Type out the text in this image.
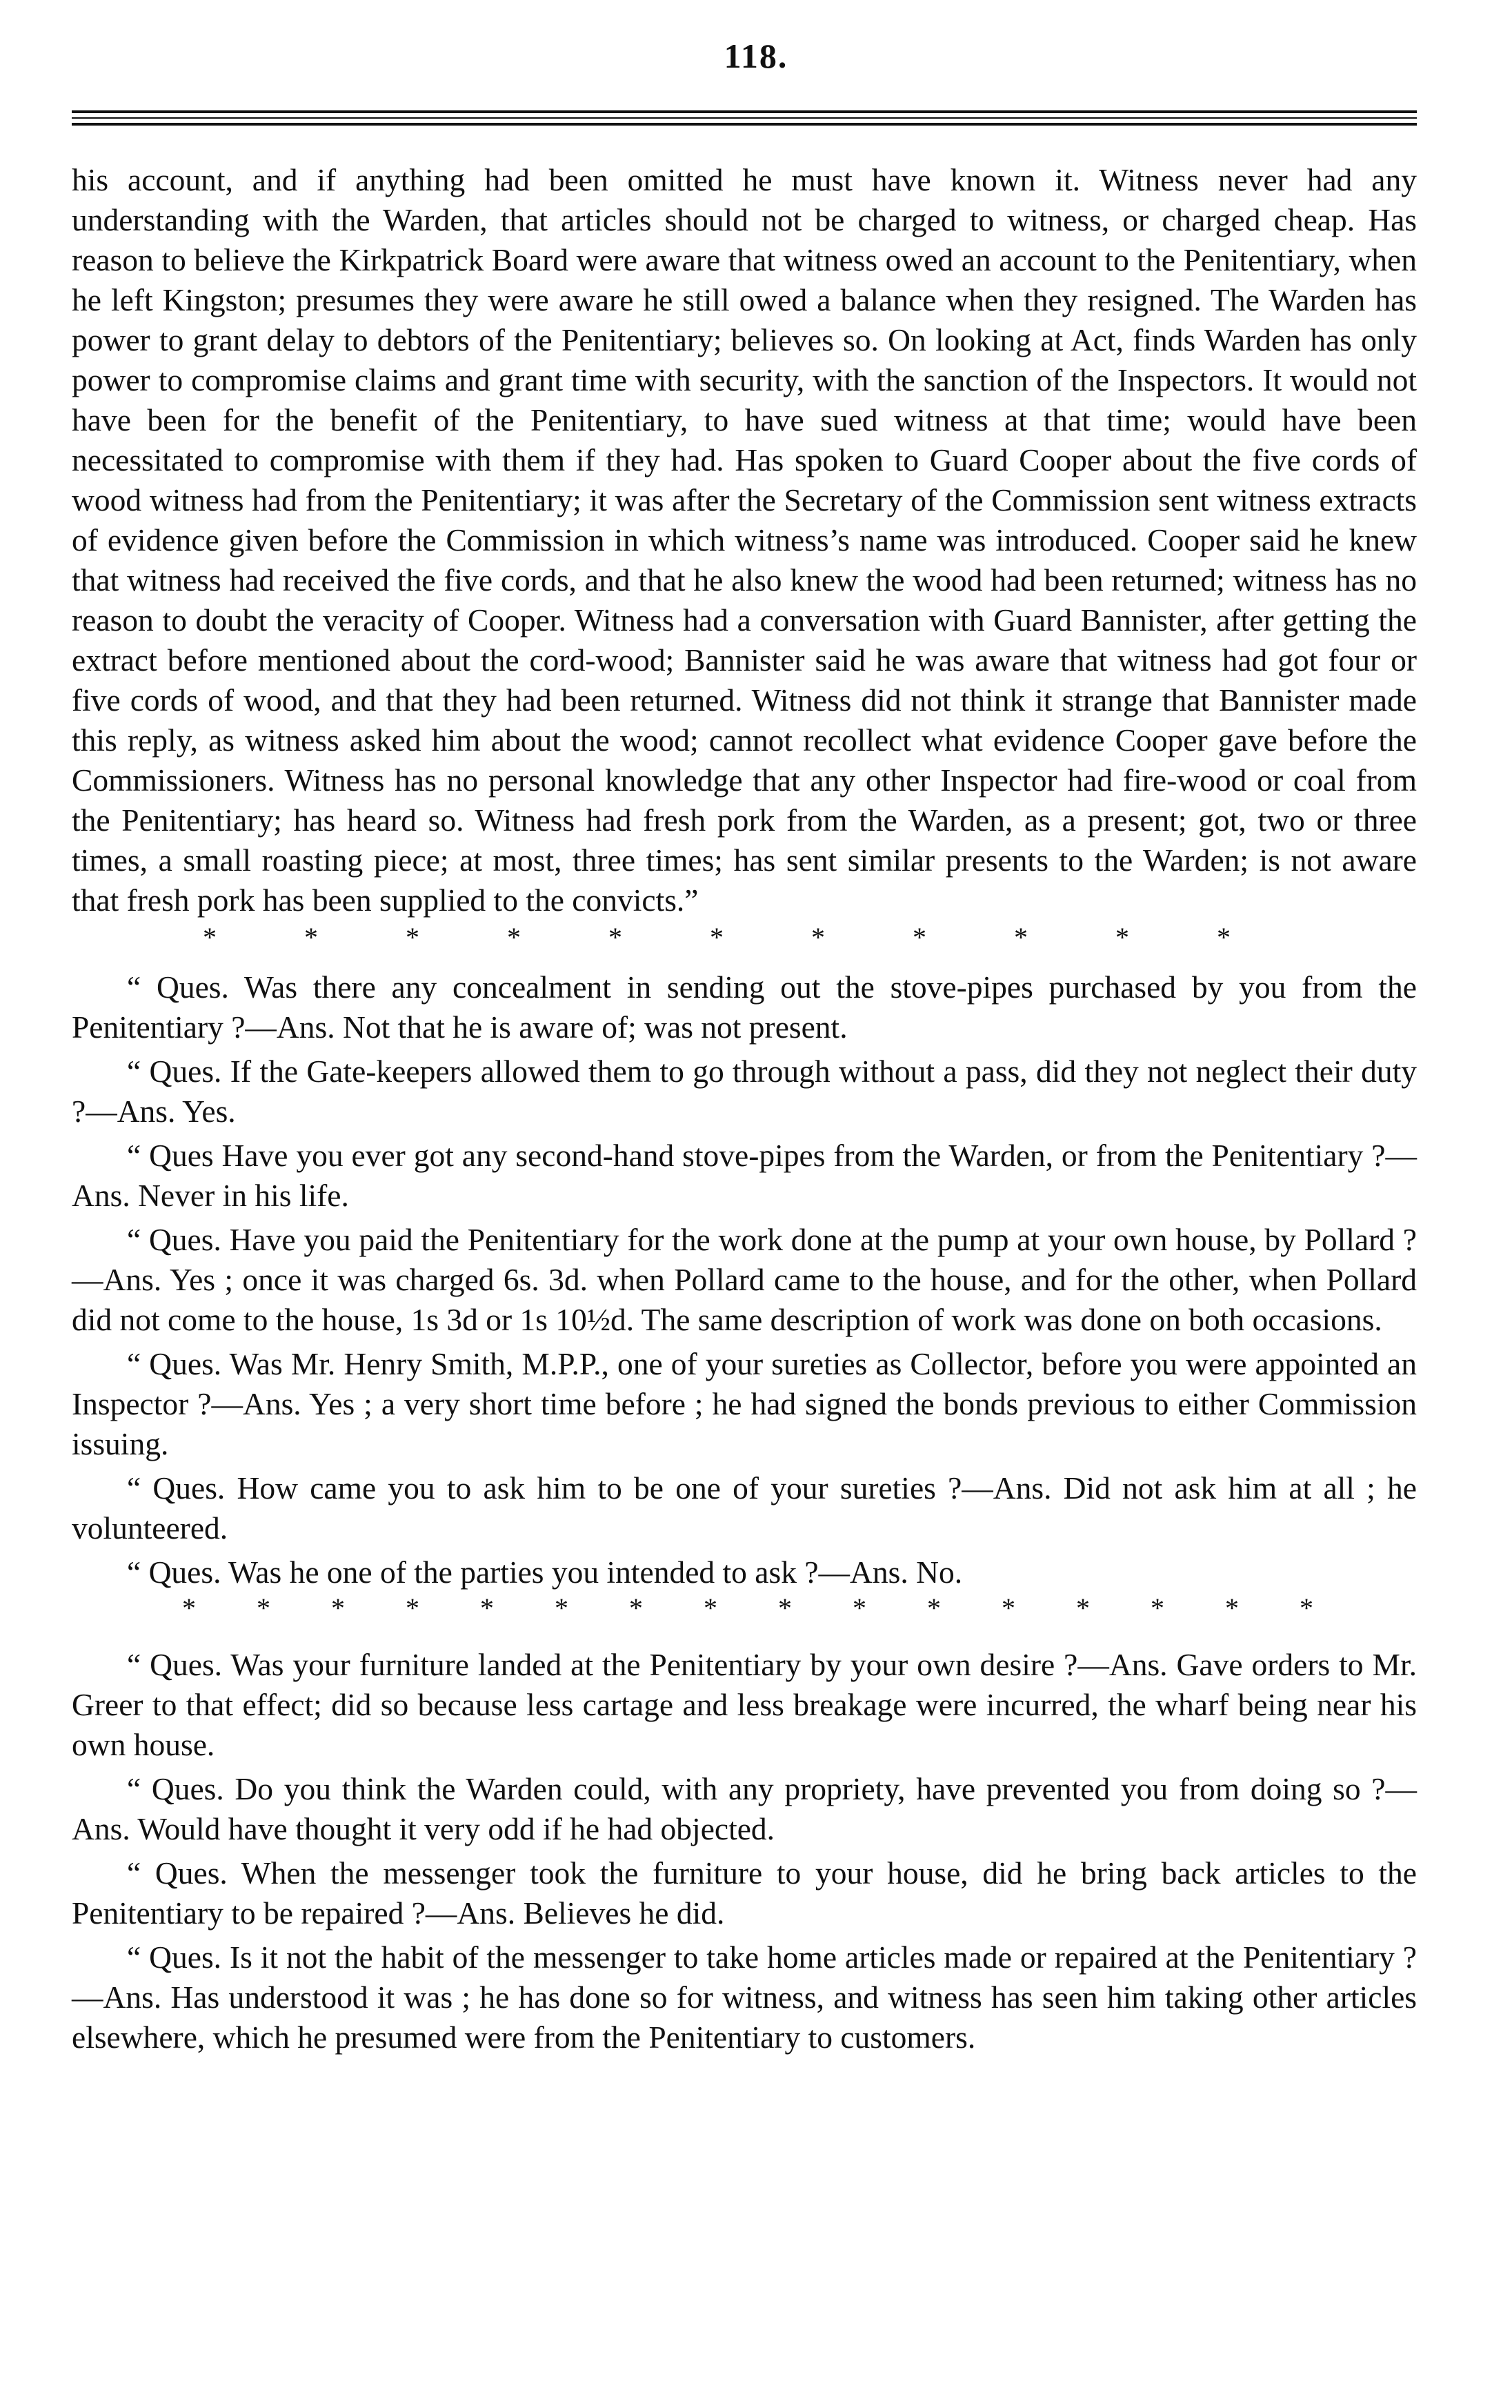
118.

his account, and if anything had been omitted he must have known it. Witness never had any understanding with the Warden, that articles should not be charged to witness, or charged cheap. Has reason to believe the Kirkpatrick Board were aware that witness owed an account to the Penitentiary, when he left Kingston; presumes they were aware he still owed a balance when they resigned. The Warden has power to grant delay to debtors of the Penitentiary; believes so. On looking at Act, finds Warden has only power to compromise claims and grant time with security, with the sanction of the Inspectors. It would not have been for the benefit of the Penitentiary, to have sued witness at that time; would have been necessitated to compromise with them if they had. Has spoken to Guard Cooper about the five cords of wood witness had from the Penitentiary; it was after the Secretary of the Commission sent witness extracts of evidence given before the Commission in which witness’s name was introduced. Cooper said he knew that witness had received the five cords, and that he also knew the wood had been returned; witness has no reason to doubt the veracity of Cooper. Witness had a conversation with Guard Bannister, after getting the extract before mentioned about the cord-wood; Bannister said he was aware that witness had got four or five cords of wood, and that they had been returned. Witness did not think it strange that Bannister made this reply, as witness asked him about the wood; cannot recollect what evidence Cooper gave before the Commissioners. Witness has no personal knowledge that any other Inspector had fire-wood or coal from the Penitentiary; has heard so. Witness had fresh pork from the Warden, as a present; got, two or three times, a small roasting piece; at most, three times; has sent similar presents to the Warden; is not aware that fresh pork has been supplied to the convicts.”

*	*	*	*	*	*	*	*	*	*	*

“ Ques. Was there any concealment in sending out the stove-pipes purchased by you from the Penitentiary ?—Ans. Not that he is aware of; was not present.

“ Ques. If the Gate-keepers allowed them to go through without a pass, did they not neglect their duty ?—Ans. Yes.

“ Ques Have you ever got any second-hand stove-pipes from the Warden, or from the Penitentiary ?—Ans. Never in his life.

“ Ques. Have you paid the Penitentiary for the work done at the pump at your own house, by Pollard ?—Ans. Yes ; once it was charged 6s. 3d. when Pollard came to the house, and for the other, when Pollard did not come to the house, 1s 3d or 1s 10½d. The same description of work was done on both occasions.

“ Ques. Was Mr. Henry Smith, M.P.P., one of your sureties as Collector, before you were appointed an Inspector ?—Ans. Yes ; a very short time before ; he had signed the bonds previous to either Commission issuing.

“ Ques. How came you to ask him to be one of your sureties ?—Ans. Did not ask him at all ; he volunteered.

“ Ques. Was he one of the parties you intended to ask ?—Ans. No.

* * * * * * * * * * * * * * * *

“ Ques. Was your furniture landed at the Penitentiary by your own desire ?—Ans. Gave orders to Mr. Greer to that effect; did so because less cartage and less breakage were incurred, the wharf being near his own house.

“ Ques. Do you think the Warden could, with any propriety, have prevented you from doing so ?—Ans. Would have thought it very odd if he had objected.

“ Ques. When the messenger took the furniture to your house, did he bring back articles to the Penitentiary to be repaired ?—Ans. Believes he did.

“ Ques. Is it not the habit of the messenger to take home articles made or repaired at the Penitentiary ?—Ans. Has understood it was ; he has done so for witness, and witness has seen him taking other articles elsewhere, which he presumed were from the Penitentiary to customers.
